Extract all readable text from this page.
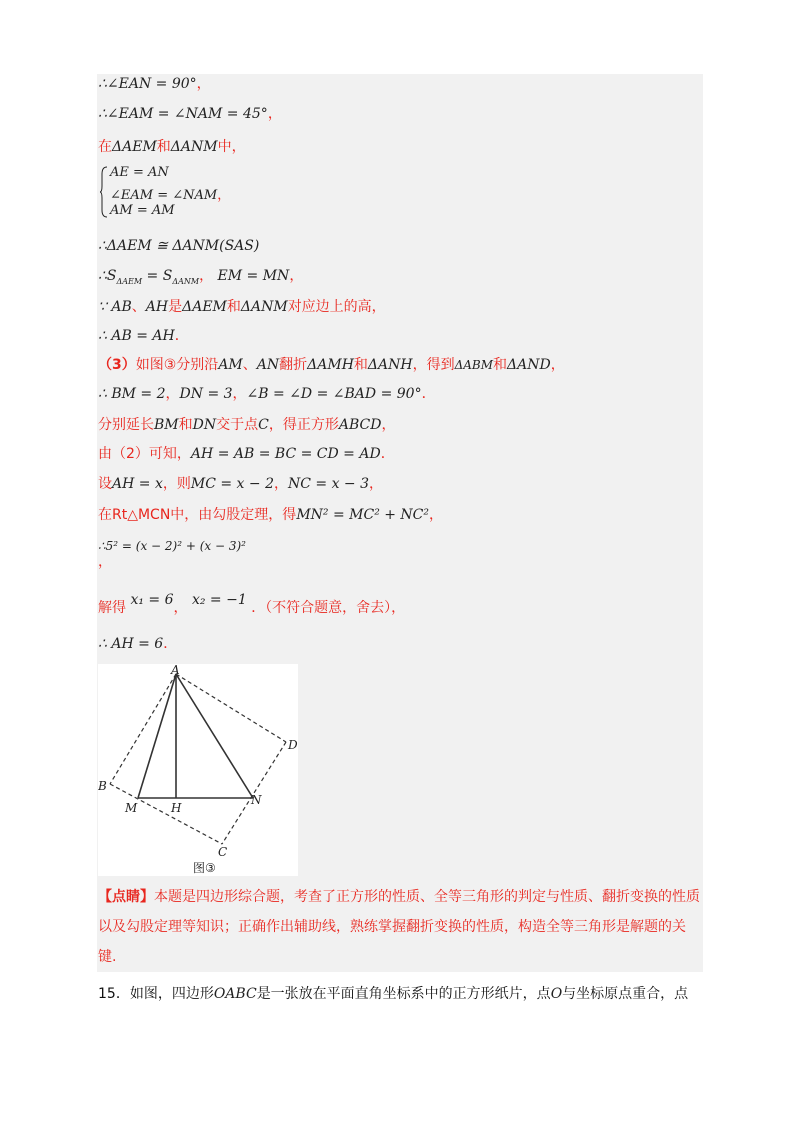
∴∠EAN = 90°，
∴∠EAM = ∠NAM = 45°，
在ΔAEM和ΔANM中，
AE = AN
∠EAM = ∠NAM，
AM = AM
∴ΔAEM ≅ ΔANM(SAS)
$\therefore S_{\Delta AEM} = S_{\Delta ANM}$， EM = MN，
∵ AB、AH是ΔAEM和ΔANM对应边上的高，
∴ AB = AH．
（3）如图③分别沿AM、AN翻折ΔAMH和ΔANH，得到ΔABM和ΔAND，
∴ BM = 2，DN = 3，∠B = ∠D = ∠BAD = 90°．
分别延长BM和DN交于点C，得正方形ABCD，
由（2）可知，AH = AB = BC = CD = AD．
设AH = x，则MC = x − 2，NC = x − 3，
在Rt△MCN中，由勾股定理，得MN² = MC² + NC²，
∴5² = (x − 2)² + (x − 3)²
，
解得 x₁ = 6， x₂ = −1 ．（不符合题意，舍去），
∴ AH = 6．
A
B
D
C
M	H
N
图③
【点睛】本题是四边形综合题，考查了正方形的性质、全等三角形的判定与性质、翻折变换的性质以及勾股定理等知识；正确作出辅助线，熟练掌握翻折变换的性质，构造全等三角形是解题的关键.
15．如图，四边形OABC是一张放在平面直角坐标系中的正方形纸片，点O与坐标原点重合，点
